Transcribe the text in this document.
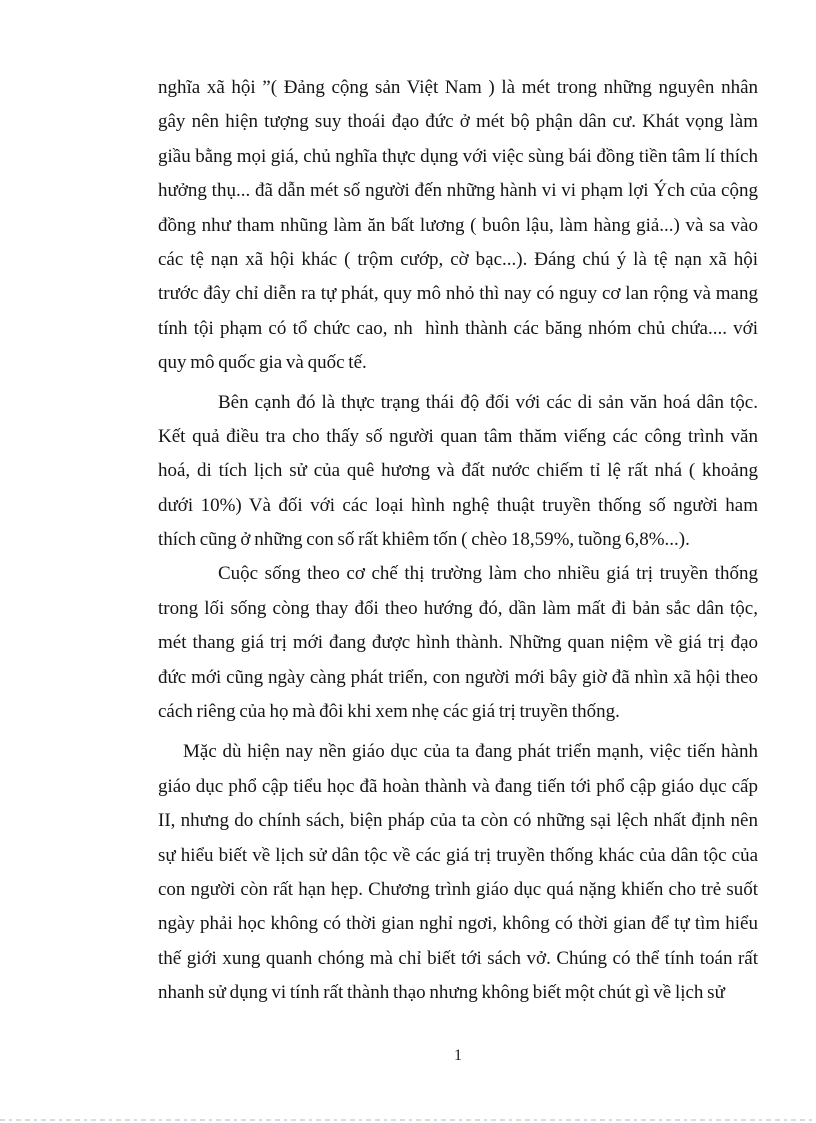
nghĩa xã hội ”( Đảng cộng sản Việt Nam ) là mét trong những nguyên nhân
gây nên hiện tượng suy thoái đạo đức ở mét bộ phận dân cư. Khát vọng làm
giầu bằng mọi giá, chủ nghĩa thực dụng với việc sùng bái đồng tiền tâm lí thích
hưởng thụ... đã dẫn mét số người đến những hành vi vi phạm lợi Ých của cộng
đồng như tham nhũng làm ăn bất lương ( buôn lậu, làm hàng giả...) và sa vào
các tệ nạn xã hội khác ( trộm cướp, cờ bạc...). Đáng chú ý là tệ nạn xã hội
trước đây chỉ diễn ra tự phát, quy mô nhỏ thì nay có nguy cơ lan rộng và mang
tính tội phạm có tổ chức cao, nh  hình thành các băng nhóm chủ chứa.... với
quy mô quốc gia và quốc tế.
Bên cạnh đó là thực trạng thái độ đối với các di sản văn hoá dân tộc.
Kết quả điều tra cho thấy số người quan tâm thăm viếng các công trình văn
hoá, di tích lịch sử của quê hương và đất nước chiếm tỉ lệ rất nhá ( khoảng
dưới 10%) Và đối với các loại hình nghệ thuật truyền thống số người ham
thích cũng ở những con số rất khiêm tốn ( chèo 18,59%, tuồng 6,8%...).
Cuộc sống theo cơ chế thị trường làm cho nhiều giá trị truyền thống
trong lối sống còng thay đổi theo hướng đó, dần làm mất đi bản sắc dân tộc,
mét thang giá trị mới đang được hình thành. Những quan niệm về giá trị đạo
đức mới cũng ngày càng phát triển, con người mới bây giờ đã nhìn xã hội theo
cách riêng của họ mà đôi khi xem nhẹ các giá trị truyền thống.
Mặc dù hiện nay nền giáo dục của ta đang phát triển mạnh, việc tiến hành
giáo dục phổ cập tiểu học đã hoàn thành và đang tiến tới phổ cập giáo dục cấp
II, nhưng do chính sách, biện pháp của ta còn có những sại lệch nhất định nên
sự hiểu biết về lịch sử dân tộc về các giá trị truyền thống khác của dân tộc của
con người còn rất hạn hẹp. Chương trình giáo dục quá nặng khiến cho trẻ suốt
ngày phải học không có thời gian nghỉ ngơi, không có thời gian để tự tìm hiểu
thế giới xung quanh chóng mà chỉ biết tới sách vở. Chúng có thể tính toán rất
nhanh sử dụng vi tính rất thành thạo nhưng không biết một chút gì về lịch sử
1
